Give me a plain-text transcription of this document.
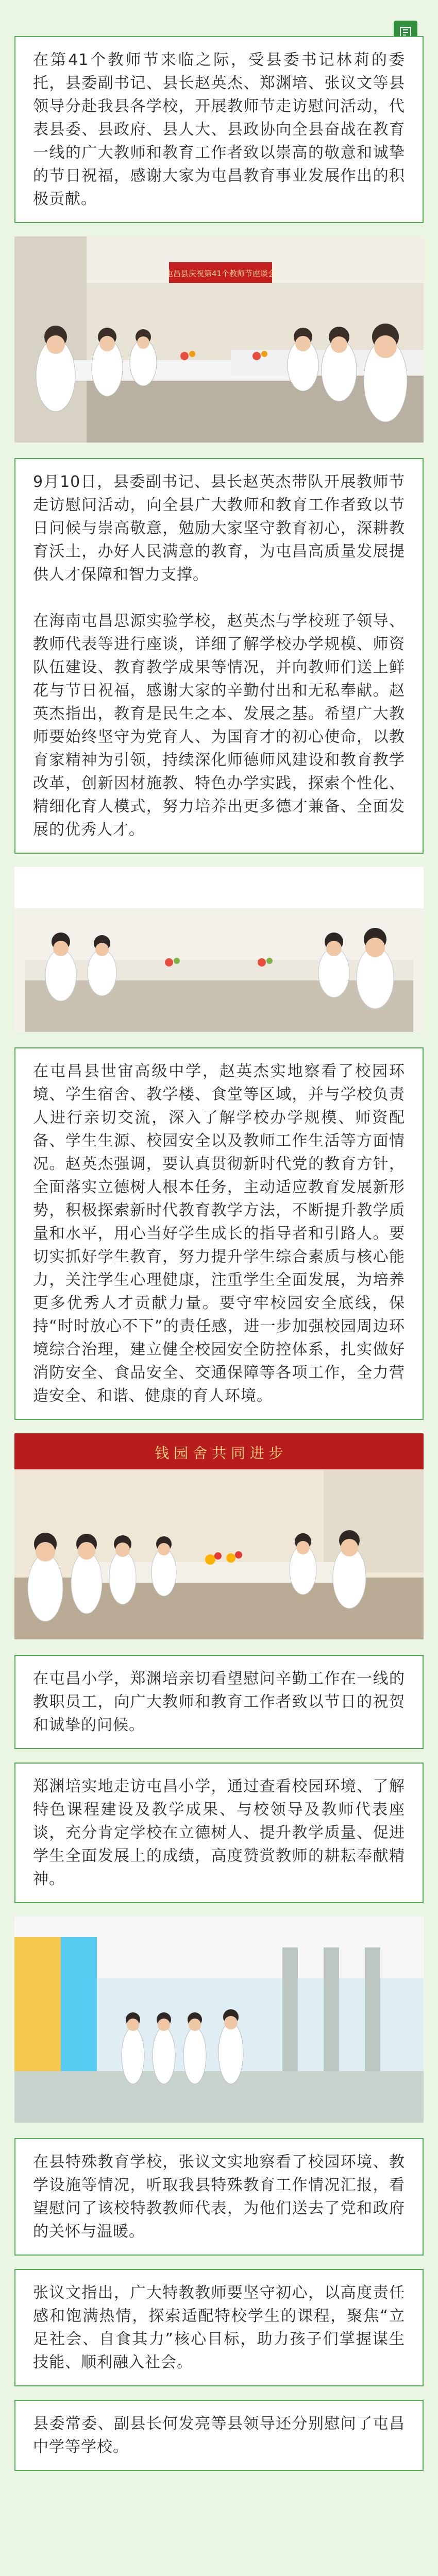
在第41个教师节来临之际，受县委书记林莉的委托，县委副书记、县长赵英杰、郑渊培、张议文等县领导分赴我县各学校，开展教师节走访慰问活动，代表县委、县政府、县人大、县政协向全县奋战在教育一线的广大教师和教育工作者致以崇高的敬意和诚挚的节日祝福，感谢大家为屯昌教育事业发展作出的积极贡献。

屯昌县庆祝第41个教师节座谈会

9月10日，县委副书记、县长赵英杰带队开展教师节走访慰问活动，向全县广大教师和教育工作者致以节日问候与崇高敬意，勉励大家坚守教育初心，深耕教育沃土，办好人民满意的教育，为屯昌高质量发展提供人才保障和智力支撑。

在海南屯昌思源实验学校，赵英杰与学校班子领导、教师代表等进行座谈，详细了解学校办学规模、师资队伍建设、教育教学成果等情况，并向教师们送上鲜花与节日祝福，感谢大家的辛勤付出和无私奉献。赵英杰指出，教育是民生之本、发展之基。希望广大教师要始终坚守为党育人、为国育才的初心使命，以教育家精神为引领，持续深化师德师风建设和教育教学改革，创新因材施教、特色办学实践，探索个性化、精细化育人模式，努力培养出更多德才兼备、全面发展的优秀人才。

在屯昌县世宙高级中学，赵英杰实地察看了校园环境、学生宿舍、教学楼、食堂等区域，并与学校负责人进行亲切交流，深入了解学校办学规模、师资配备、学生生源、校园安全以及教师工作生活等方面情况。赵英杰强调，要认真贯彻新时代党的教育方针，全面落实立德树人根本任务，主动适应教育发展新形势，积极探索新时代教育教学方法，不断提升教学质量和水平，用心当好学生成长的指导者和引路人。要切实抓好学生教育，努力提升学生综合素质与核心能力，关注学生心理健康，注重学生全面发展，为培养更多优秀人才贡献力量。要守牢校园安全底线，保持“时时放心不下”的责任感，进一步加强校园周边环境综合治理，建立健全校园安全防控体系，扎实做好消防安全、食品安全、交通保障等各项工作，全力营造安全、和谐、健康的育人环境。

钱 园 舍 共 同 进 步

在屯昌小学，郑渊培亲切看望慰问辛勤工作在一线的教职员工，向广大教师和教育工作者致以节日的祝贺和诚挚的问候。

郑渊培实地走访屯昌小学，通过查看校园环境、了解特色课程建设及教学成果、与校领导及教师代表座谈，充分肯定学校在立德树人、提升教学质量、促进学生全面发展上的成绩，高度赞赏教师的耕耘奉献精神。

在县特殊教育学校，张议文实地察看了校园环境、教学设施等情况，听取我县特殊教育工作情况汇报，看望慰问了该校特教教师代表，为他们送去了党和政府的关怀与温暖。

张议文指出，广大特教教师要坚守初心，以高度责任感和饱满热情，探索适配特校学生的课程，聚焦“立足社会、自食其力”核心目标，助力孩子们掌握谋生技能、顺利融入社会。

县委常委、副县长何发亮等县领导还分别慰问了屯昌中学等学校。
